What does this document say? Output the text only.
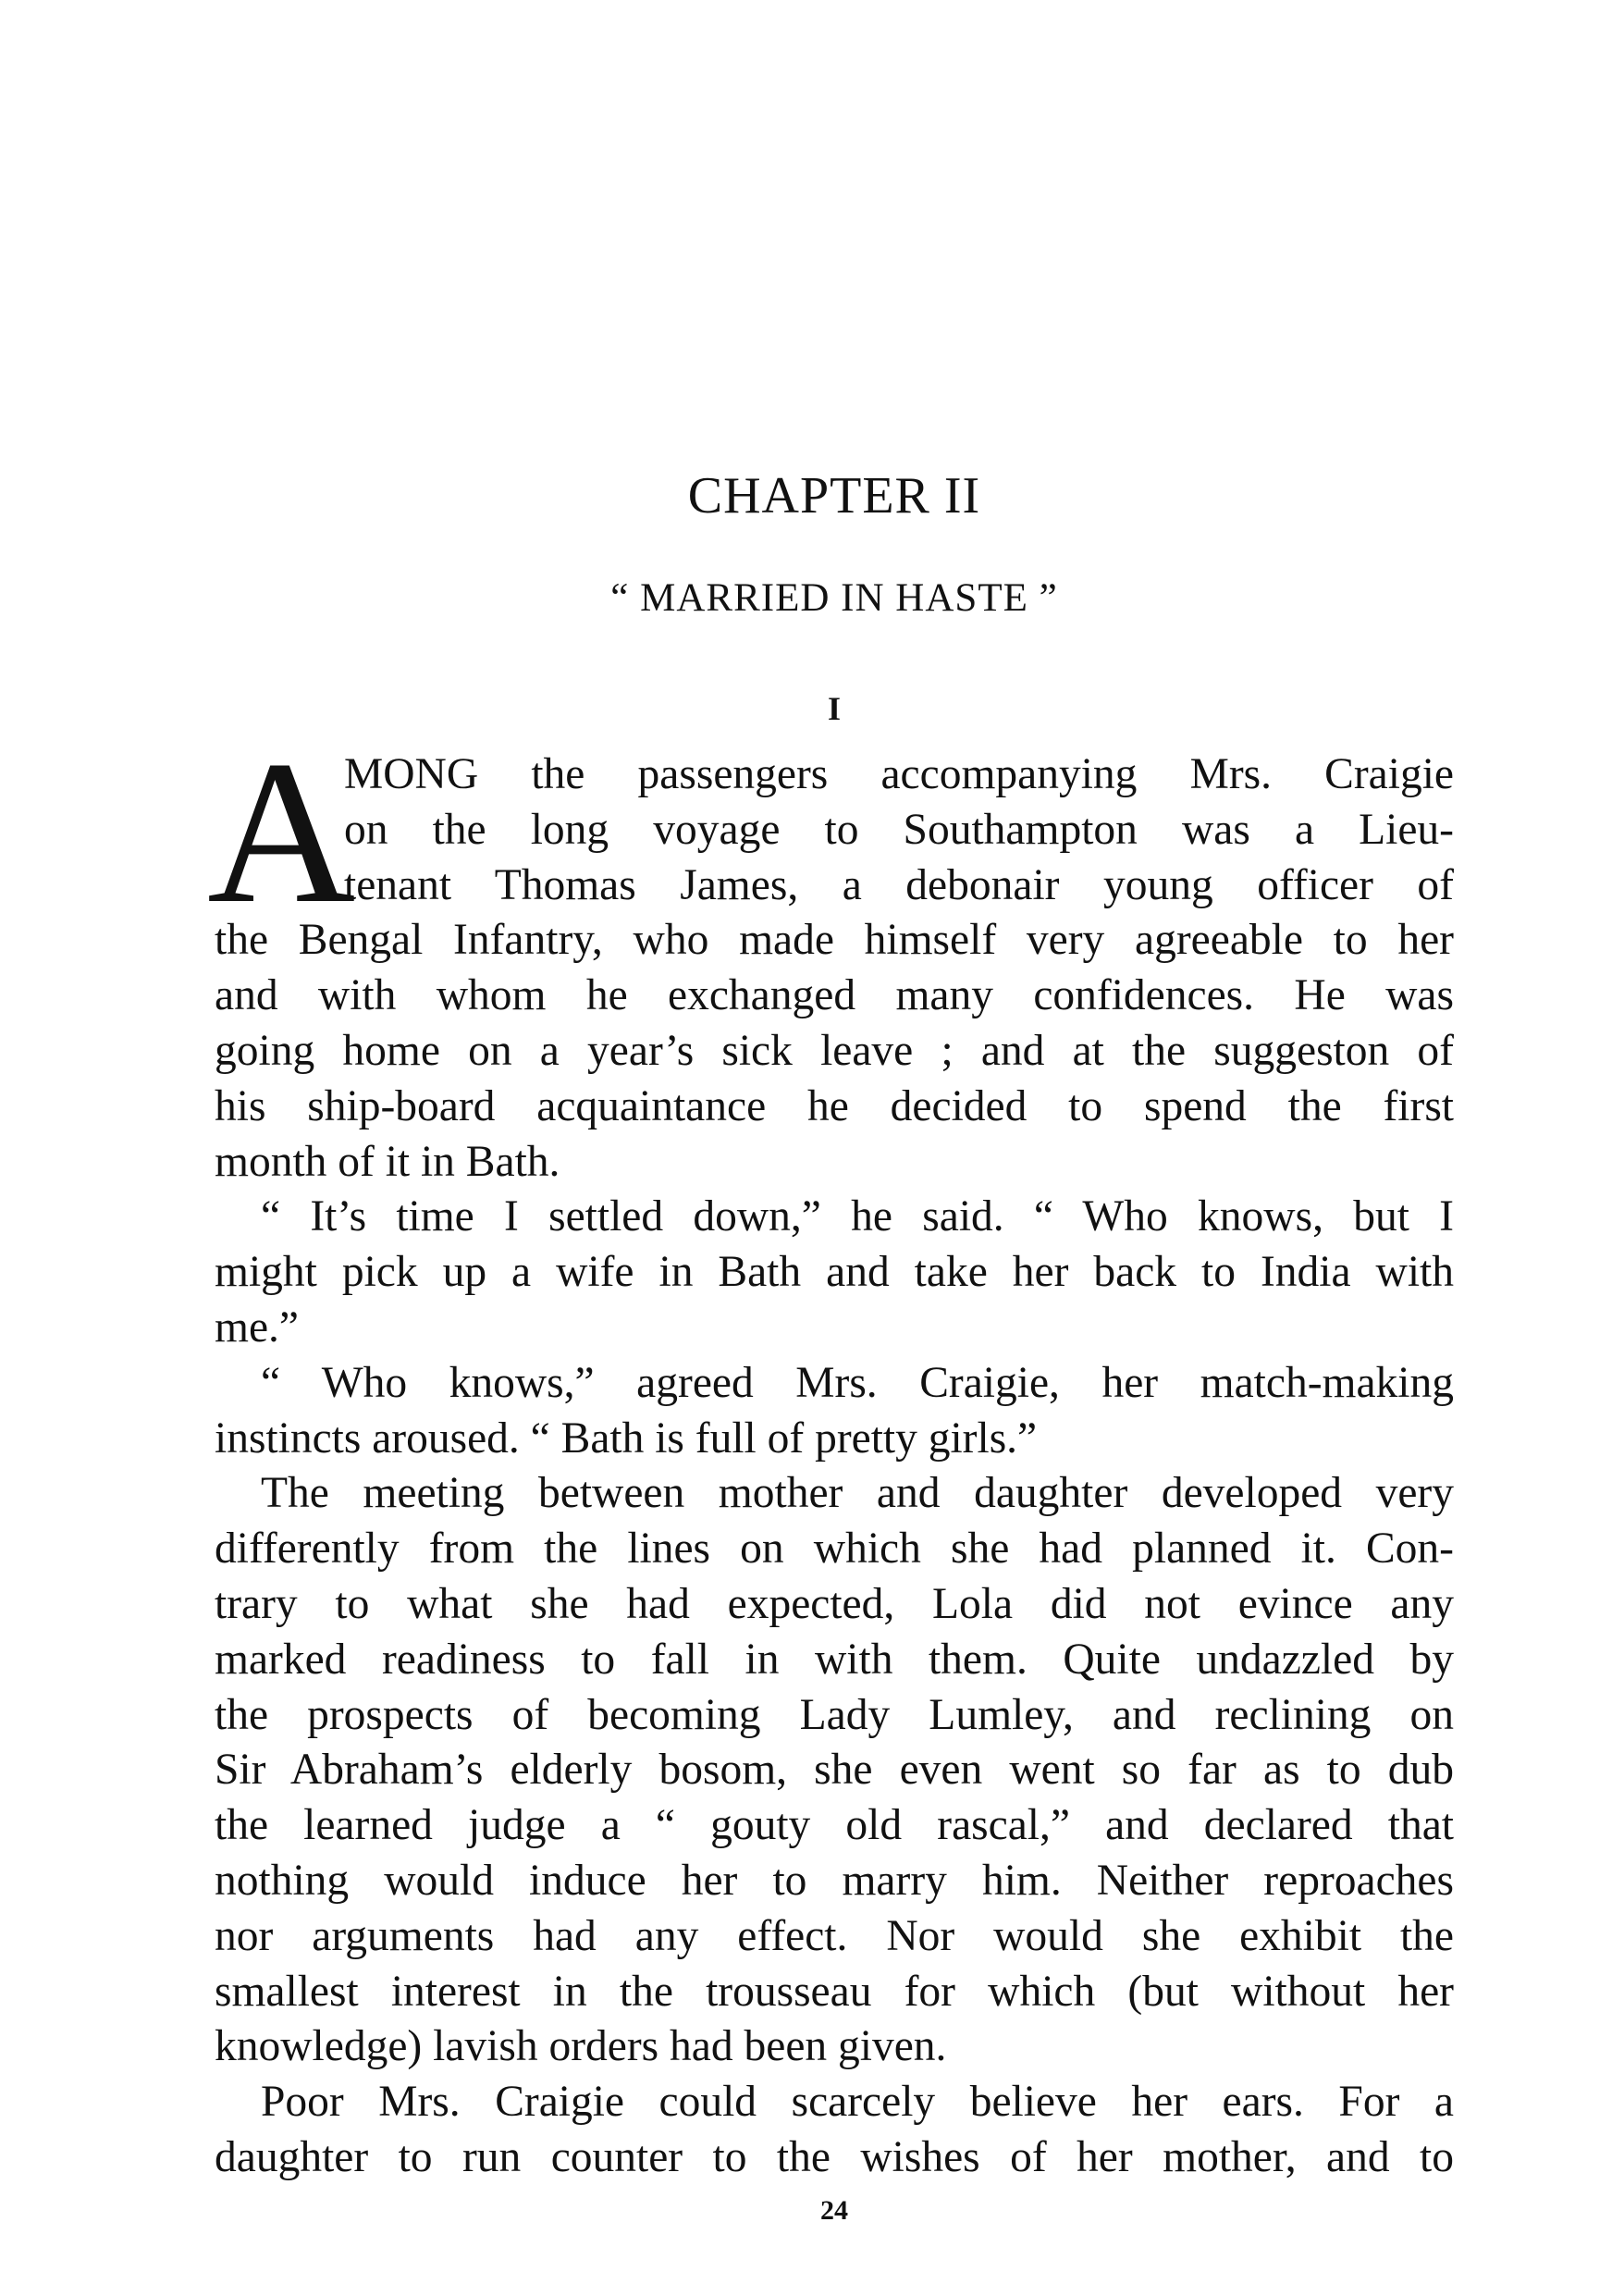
CHAPTER II
“ MARRIED IN HASTE ”
I
A
MONG the passengers accompanying Mrs. Craigie
on the long voyage to Southampton was a Lieu-
tenant Thomas James, a debonair young officer of
the Bengal Infantry, who made himself very agreeable to her
and with whom he exchanged many confidences. He was
going home on a year’s sick leave ; and at the suggeston of
his ship-board acquaintance he decided to spend the first
month of it in Bath.
“ It’s time I settled down,” he said. “ Who knows, but I
might pick up a wife in Bath and take her back to India with
me.”
“ Who knows,” agreed Mrs. Craigie, her match-making
instincts aroused. “ Bath is full of pretty girls.”
The meeting between mother and daughter developed very
differently from the lines on which she had planned it. Con-
trary to what she had expected, Lola did not evince any
marked readiness to fall in with them. Quite undazzled by
the prospects of becoming Lady Lumley, and reclining on
Sir Abraham’s elderly bosom, she even went so far as to dub
the learned judge a “ gouty old rascal,” and declared that
nothing would induce her to marry him. Neither reproaches
nor arguments had any effect. Nor would she exhibit the
smallest interest in the trousseau for which (but without her
knowledge) lavish orders had been given.
Poor Mrs. Craigie could scarcely believe her ears. For a
daughter to run counter to the wishes of her mother, and to
24
